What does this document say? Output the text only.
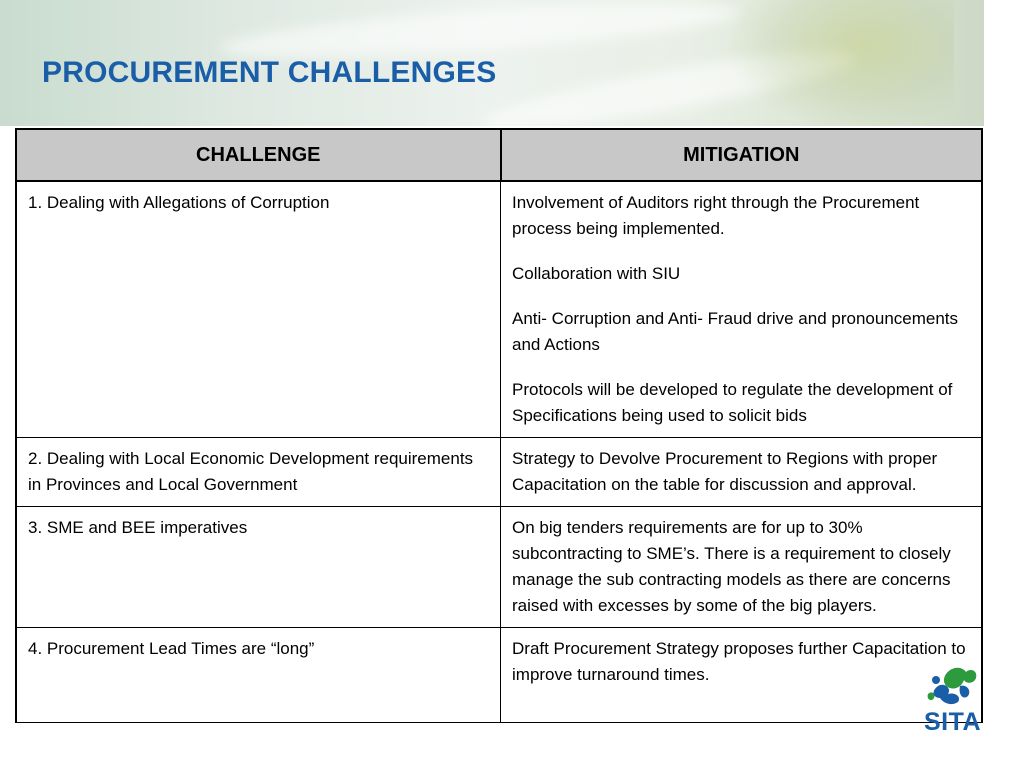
PROCUREMENT CHALLENGES
CHALLENGE	MITIGATION
1. Dealing with Allegations of Corruption	Involvement of Auditors right through the Procurement process being implemented.

Collaboration with SIU

Anti- Corruption and Anti- Fraud drive and pronouncements and Actions

Protocols will be developed to regulate the development of Specifications being used to solicit bids

2. Dealing with Local Economic Development requirements in Provinces and Local Government	Strategy to Devolve Procurement to Regions with proper Capacitation on the table for discussion and approval.

3. SME and BEE imperatives	On big tenders requirements are for up to 30% subcontracting to SME’s. There is a requirement to closely manage the sub contracting models as there are concerns raised with excesses by some of the big players.

4. Procurement Lead Times are “long”	Draft Procurement Strategy proposes further Capacitation to improve turnaround times.

SITA
